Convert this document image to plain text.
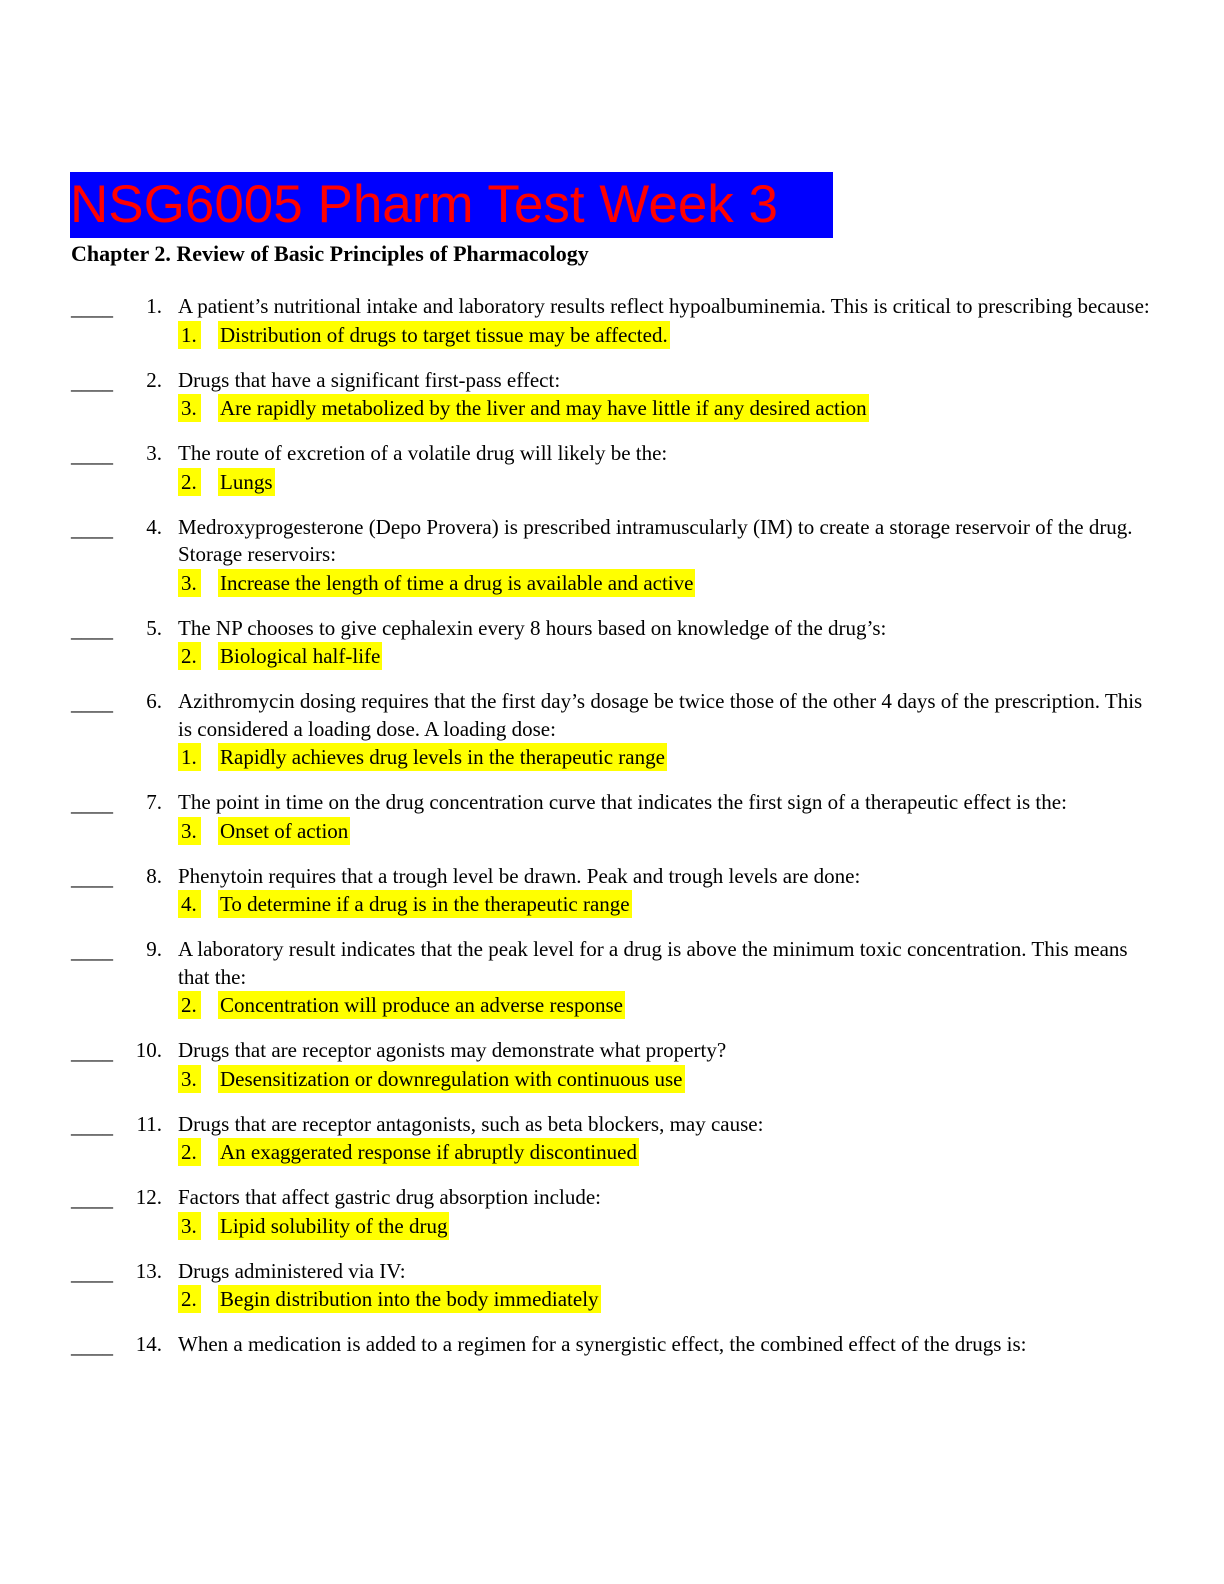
NSG6005 Pharm Test Week 3
Chapter 2. Review of Basic Principles of Pharmacology
____	1. A patient’s nutritional intake and laboratory results reflect hypoalbuminemia. This is critical to prescribing because:
1. Distribution of drugs to target tissue may be affected.
____	2. Drugs that have a significant first-pass effect:
3. Are rapidly metabolized by the liver and may have little if any desired action
____	3. The route of excretion of a volatile drug will likely be the:
2. Lungs
____	4. Medroxyprogesterone (Depo Provera) is prescribed intramuscularly (IM) to create a storage reservoir of the drug. Storage reservoirs:
3. Increase the length of time a drug is available and active
____	5. The NP chooses to give cephalexin every 8 hours based on knowledge of the drug’s:
2. Biological half-life
____	6. Azithromycin dosing requires that the first day’s dosage be twice those of the other 4 days of the prescription. This is considered a loading dose. A loading dose:
1. Rapidly achieves drug levels in the therapeutic range
____	7. The point in time on the drug concentration curve that indicates the first sign of a therapeutic effect is the:
3. Onset of action
____	8. Phenytoin requires that a trough level be drawn. Peak and trough levels are done:
4. To determine if a drug is in the therapeutic range
____	9. A laboratory result indicates that the peak level for a drug is above the minimum toxic concentration. This means that the:
2. Concentration will produce an adverse response
____	10. Drugs that are receptor agonists may demonstrate what property?
3. Desensitization or downregulation with continuous use
____	11. Drugs that are receptor antagonists, such as beta blockers, may cause:
2. An exaggerated response if abruptly discontinued
____	12. Factors that affect gastric drug absorption include:
3. Lipid solubility of the drug
____	13. Drugs administered via IV:
2. Begin distribution into the body immediately
____	14. When a medication is added to a regimen for a synergistic effect, the combined effect of the drugs is:
